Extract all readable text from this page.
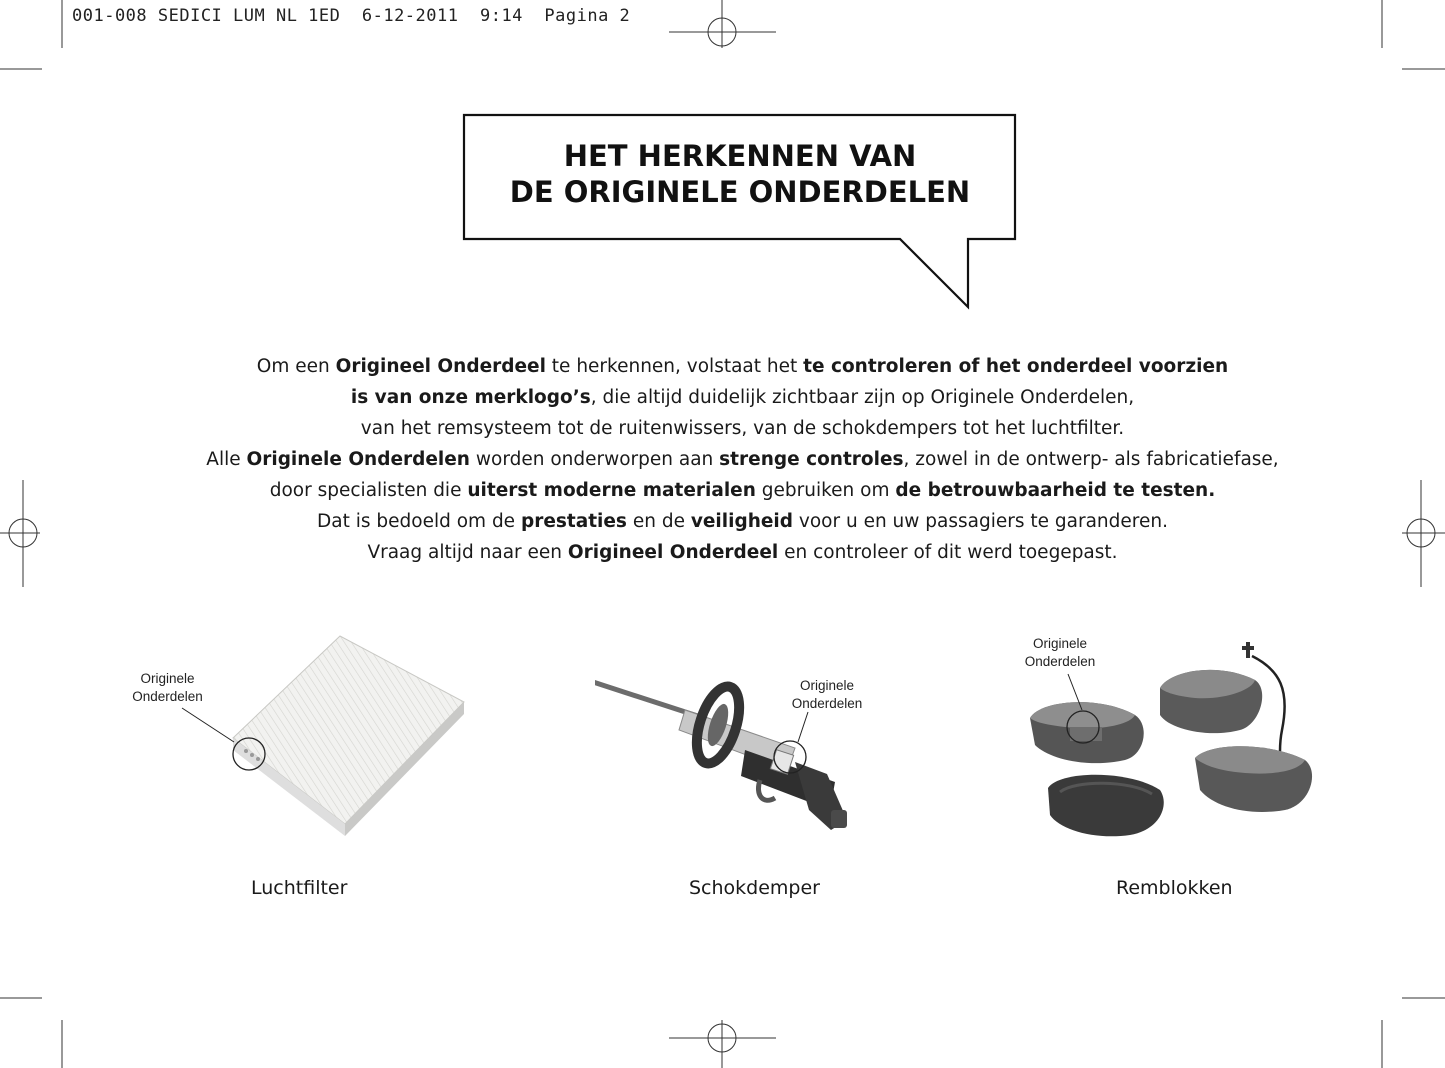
001-008 SEDICI LUM NL 1ED 6-12-2011 9:14 Pagina 2
HET HERKENNEN VAN
DE ORIGINELE ONDERDELEN
Om een Origineel Onderdeel te herkennen, volstaat het te controleren of het onderdeel voorzien
is van onze merklogo’s, die altijd duidelijk zichtbaar zijn op Originele Onderdelen,
van het remsysteem tot de ruitenwissers, van de schokdempers tot het luchtfilter.
Alle Originele Onderdelen worden onderworpen aan strenge controles, zowel in de ontwerp- als fabricatiefase,
door specialisten die uiterst moderne materialen gebruiken om de betrouwbaarheid te testen.
Dat is bedoeld om de prestaties en de veiligheid voor u en uw passagiers te garanderen.
Vraag altijd naar een Origineel Onderdeel en controleer of dit werd toegepast.
Originele
Onderdelen
Luchtfilter
Originele
Onderdelen
Schokdemper
Originele
Onderdelen
Remblokken
